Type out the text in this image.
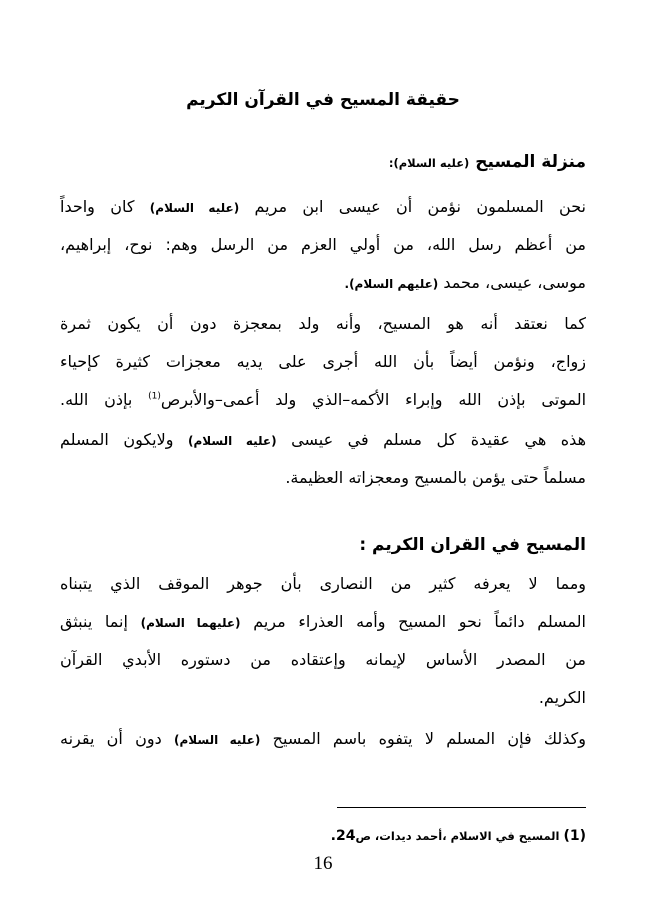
حقيقة المسيح في القرآن الكريم
منزلة المسيح (عليه السلام):
نحن المسلمون نؤمن أن عيسى ابن مريم (عليه السلام) كان واحداً
من أعظم رسل الله، من أولي العزم من الرسل وهم: نوح، إبراهيم،
موسى، عيسى، محمد (عليهم السلام).
كما نعتقد أنه هو المسيح، وأنه ولد بمعجزة دون أن يكون ثمرة
زواج، ونؤمن أيضاً بأن الله أجرى على يديه معجزات كثيرة كإحياء
الموتى بإذن الله وإبراء الأكمه–الذي ولد أعمى–والأبرص$^{(1)}$ بإذن الله.
هذه هي عقيدة كل مسلم في عيسى (عليه السلام) ولايكون المسلم
مسلماً حتى يؤمن بالمسيح ومعجزاته العظيمة.
المسيح في القران الكريم :
ومما لا يعرفه كثير من النصارى بأن جوهر الموقف الذي يتبناه
المسلم دائماً نحو المسيح وأمه العذراء مريم (عليهما السلام) إنما ينبثق
من المصدر الأساس لإيمانه وإعتقاده من دستوره الأبدي القرآن
الكريم.
وكذلك فإن المسلم لا يتفوه باسم المسيح (عليه السلام) دون أن يقرنه
(1) المسيح في الاسلام ،أحمد ديدات، ص24.
16
